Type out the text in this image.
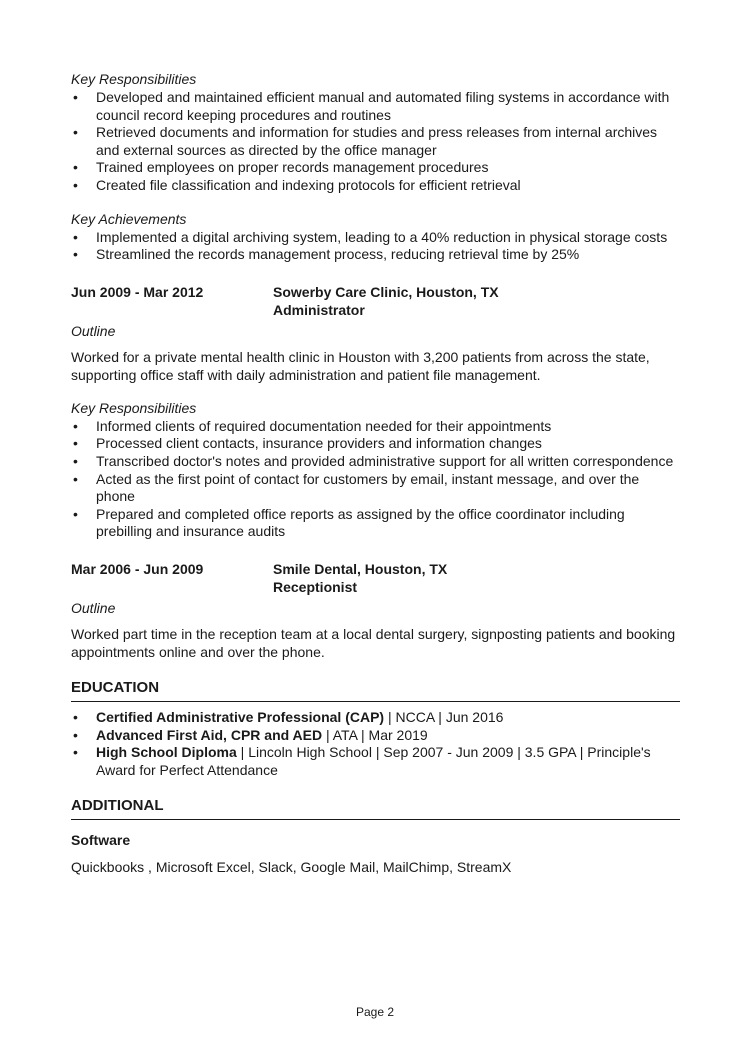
Key Responsibilities

• Developed and maintained efficient manual and automated filing systems in accordance with council record keeping procedures and routines
• Retrieved documents and information for studies and press releases from internal archives and external sources as directed by the office manager
• Trained employees on proper records management procedures
• Created file classification and indexing protocols for efficient retrieval

Key Achievements

• Implemented a digital archiving system, leading to a 40% reduction in physical storage costs
• Streamlined the records management process, reducing retrieval time by 25%
Jun 2009 - Mar 2012	Sowerby Care Clinic, Houston, TX
Administrator

Outline

Worked for a private mental health clinic in Houston with 3,200 patients from across the state, supporting office staff with daily administration and patient file management.

Key Responsibilities

• Informed clients of required documentation needed for their appointments
• Processed client contacts, insurance providers and information changes
• Transcribed doctor's notes and provided administrative support for all written correspondence
• Acted as the first point of contact for customers by email, instant message, and over the phone
• Prepared and completed office reports as assigned by the office coordinator including prebilling and insurance audits
Mar 2006 - Jun 2009	Smile Dental, Houston, TX
Receptionist

Outline

Worked part time in the reception team at a local dental surgery, signposting patients and booking appointments online and over the phone.

EDUCATION
• Certified Administrative Professional (CAP) | NCCA | Jun 2016
• Advanced First Aid, CPR and AED | ATA | Mar 2019
• High School Diploma | Lincoln High School | Sep 2007 - Jun 2009 | 3.5 GPA | Principle's Award for Perfect Attendance
ADDITIONAL

Software

Quickbooks , Microsoft Excel, Slack, Google Mail, MailChimp, StreamX

Page 2
